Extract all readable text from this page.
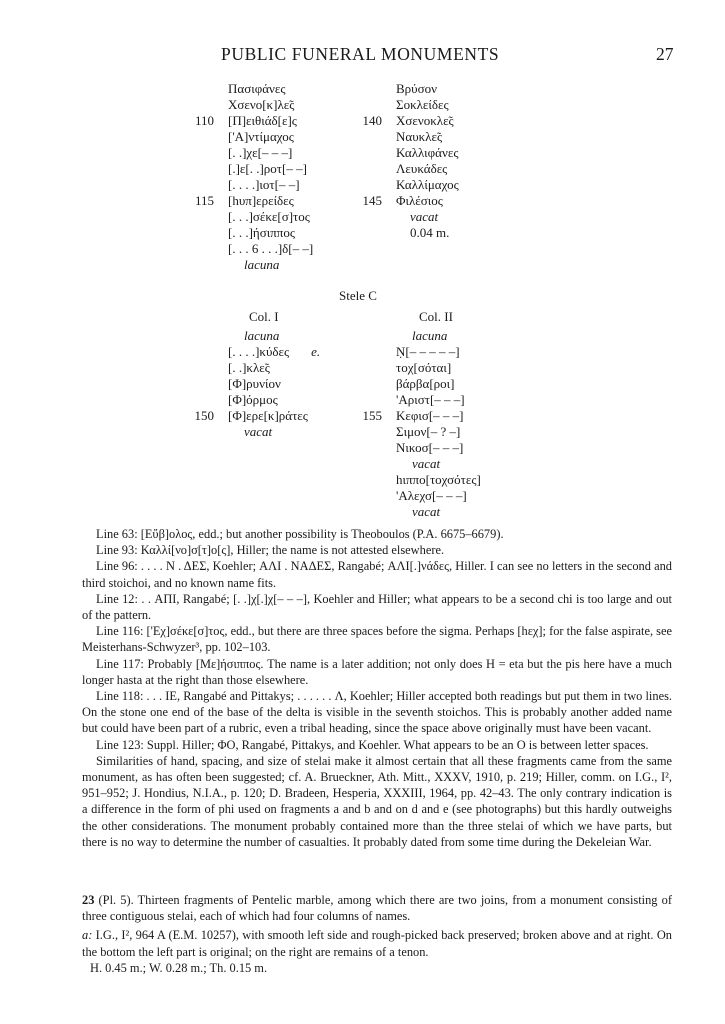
PUBLIC FUNERAL MONUMENTS	27
Πασιφάνες
Χσενο[κ]λε̃ς
[Π]ειθιάδ[ε]ς
['Α]ντίμαχος
[. .]χε[– – –]
[.]ε[. .]ροτ[– –]
[. . . .]ιοτ[– –]
[hυπ]ερείδες
[. . .]σέκε[σ]τος
[. . .]ήσιππος
[. . . 6 . . .]δ[– –]
lacuna
110
115
Βρύσον
Σοκλείδες
Χσενοκλε̃ς
Ναυκλε̃ς
Καλλιφάνες
Λευκάδες
Καλλίμαχος
Φιλέσιος
vacat
0.04 m.
140
145
Stele C
Col. I	Col. II
lacuna
[. . . .]κύδες e.
[. .]κλε̃ς
[Φ]ρυνίον
[Φ]όρμος
[Φ]ερε[κ]ράτες
vacat
150
lacuna
Ṇ[– – – – –]
τοχ[σόται]
βάρβα[ροι]
'Αριστ[– – –]
Κεφισ[– – –]
Σιμον[– ? –]
Νικοσ[– – –]
vacat
hιππο[τοχσότες]
'Αλεχσ[– – –]
vacat
155

Line 63: [Εὔβ]ολος, edd.; but another possibility is Theoboulos (P.A. 6675–6679).

Line 93: Καλλί[νο]σ[τ]ο[ς], Hiller; the name is not attested elsewhere.

Line 96: . . . . Ν . ΔΕΣ, Koehler; ΑΛΙ . ΝΑΔΕΣ, Rangabé; ΑΛΙ[.]νάδες, Hiller. I can see no letters in the second and third stoichoi, and no known name fits.

Line 12: . . ΑΠΙ, Rangabé; [. .]χ[.]χ[– – –], Koehler and Hiller; what appears to be a second chi is too large and out of the pattern.

Line 116: ['Εχ]σέκε[σ]τος, edd., but there are three spaces before the sigma. Perhaps [hεχ]; for the false aspirate, see Meisterhans-Schwyzer³, pp. 102–103.

Line 117: Probably [Με]ήσιππος. The name is a later addition; not only does H = eta but the pis here have a much longer hasta at the right than those elsewhere.

Line 118: . . . ΙΕ, Rangabé and Pittakys; . . . . . . Λ, Koehler; Hiller accepted both readings but put them in two lines. On the stone one end of the base of the delta is visible in the seventh stoichos. This is probably another added name but could have been part of a rubric, even a tribal heading, since the space above originally must have been vacant.

Line 123: Suppl. Hiller; ΦΟ, Rangabé, Pittakys, and Koehler. What appears to be an O is between letter spaces.

Similarities of hand, spacing, and size of stelai make it almost certain that all these fragments came from the same monument, as has often been suggested; cf. A. Brueckner, Ath. Mitt., XXXV, 1910, p. 219; Hiller, comm. on I.G., I², 951–952; J. Hondius, N.I.A., p. 120; D. Bradeen, Hesperia, XXXIII, 1964, pp. 42–43. The only contrary indication is a difference in the form of phi used on fragments a and b and on d and e (see photographs) but this hardly outweighs the other considerations. The monument probably contained more than the three stelai of which we have parts, but there is no way to determine the number of casualties. It probably dated from some time during the Dekeleian War.

23 (Pl. 5). Thirteen fragments of Pentelic marble, among which there are two joins, from a monument consisting of three contiguous stelai, each of which had four columns of names.

a: I.G., I², 964 A (E.M. 10257), with smooth left side and rough-picked back preserved; broken above and at right. On the bottom the left part is original; on the right are remains of a tenon.

H. 0.45 m.; W. 0.28 m.; Th. 0.15 m.
